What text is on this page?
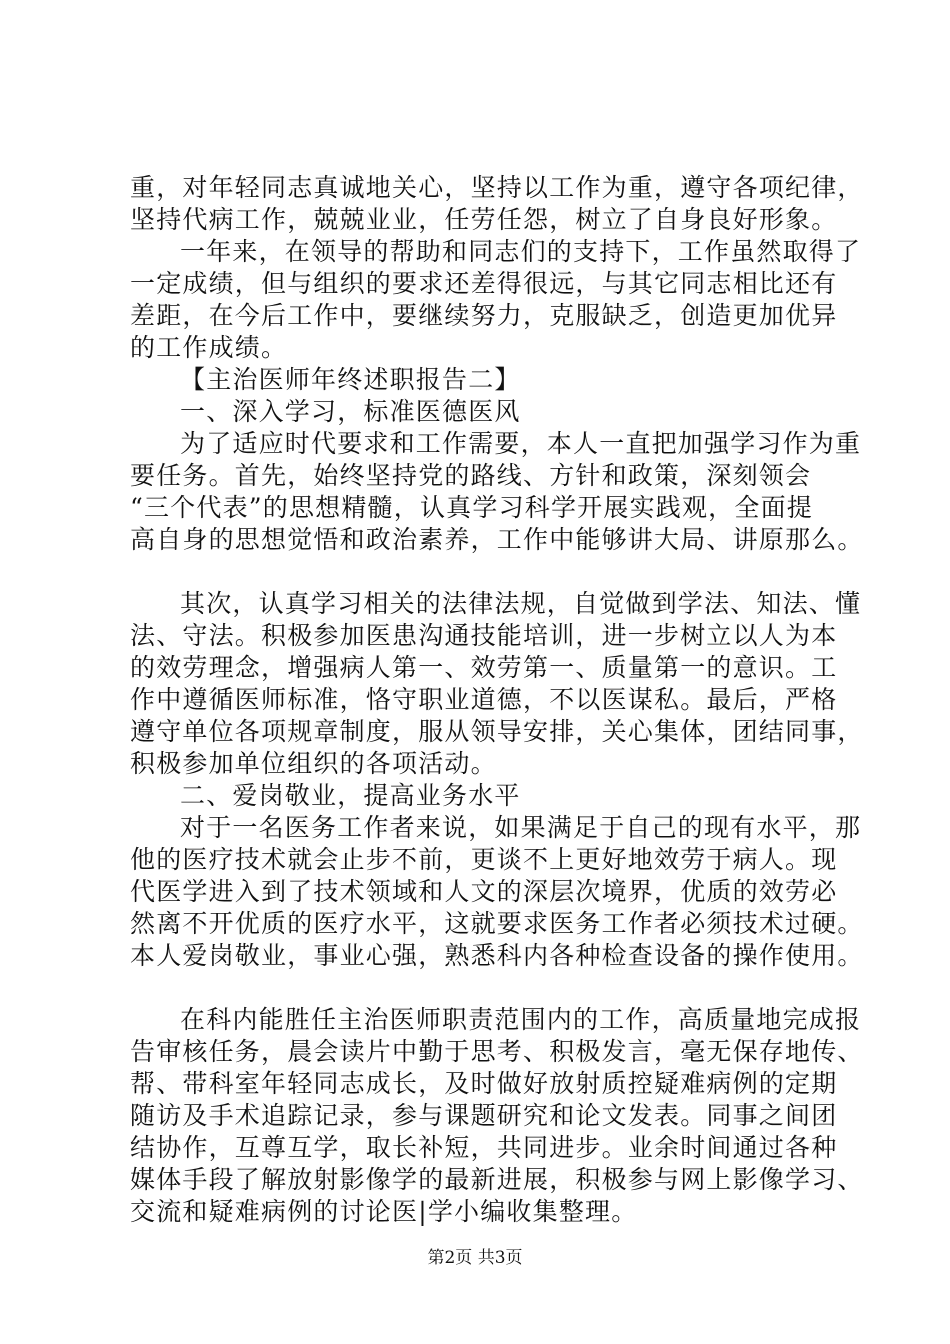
重，对年轻同志真诚地关心，坚持以工作为重，遵守各项纪律，
坚持代病工作，兢兢业业，任劳任怨，树立了自身良好形象。
一年来，在领导的帮助和同志们的支持下，工作虽然取得了
一定成绩，但与组织的要求还差得很远，与其它同志相比还有
差距，在今后工作中，要继续努力，克服缺乏，创造更加优异
的工作成绩。
【主治医师年终述职报告二】
一、深入学习，标准医德医风
为了适应时代要求和工作需要，本人一直把加强学习作为重
要任务。首先，始终坚持党的路线、方针和政策，深刻领会
“三个代表”的思想精髓，认真学习科学开展实践观，全面提
高自身的思想觉悟和政治素养，工作中能够讲大局、讲原那么。
其次，认真学习相关的法律法规，自觉做到学法、知法、懂
法、守法。积极参加医患沟通技能培训，进一步树立以人为本
的效劳理念，增强病人第一、效劳第一、质量第一的意识。工
作中遵循医师标准，恪守职业道德，不以医谋私。最后，严格
遵守单位各项规章制度，服从领导安排，关心集体，团结同事，
积极参加单位组织的各项活动。
二、爱岗敬业，提高业务水平
对于一名医务工作者来说，如果满足于自己的现有水平，那
他的医疗技术就会止步不前，更谈不上更好地效劳于病人。现
代医学进入到了技术领域和人文的深层次境界，优质的效劳必
然离不开优质的医疗水平，这就要求医务工作者必须技术过硬。
本人爱岗敬业，事业心强，熟悉科内各种检查设备的操作使用。
在科内能胜任主治医师职责范围内的工作，高质量地完成报
告审核任务，晨会读片中勤于思考、积极发言，毫无保存地传、
帮、带科室年轻同志成长，及时做好放射质控疑难病例的定期
随访及手术追踪记录，参与课题研究和论文发表。同事之间团
结协作，互尊互学，取长补短，共同进步。业余时间通过各种
媒体手段了解放射影像学的最新进展，积极参与网上影像学习、
交流和疑难病例的讨论医|学小编收集整理。
第2页 共3页
